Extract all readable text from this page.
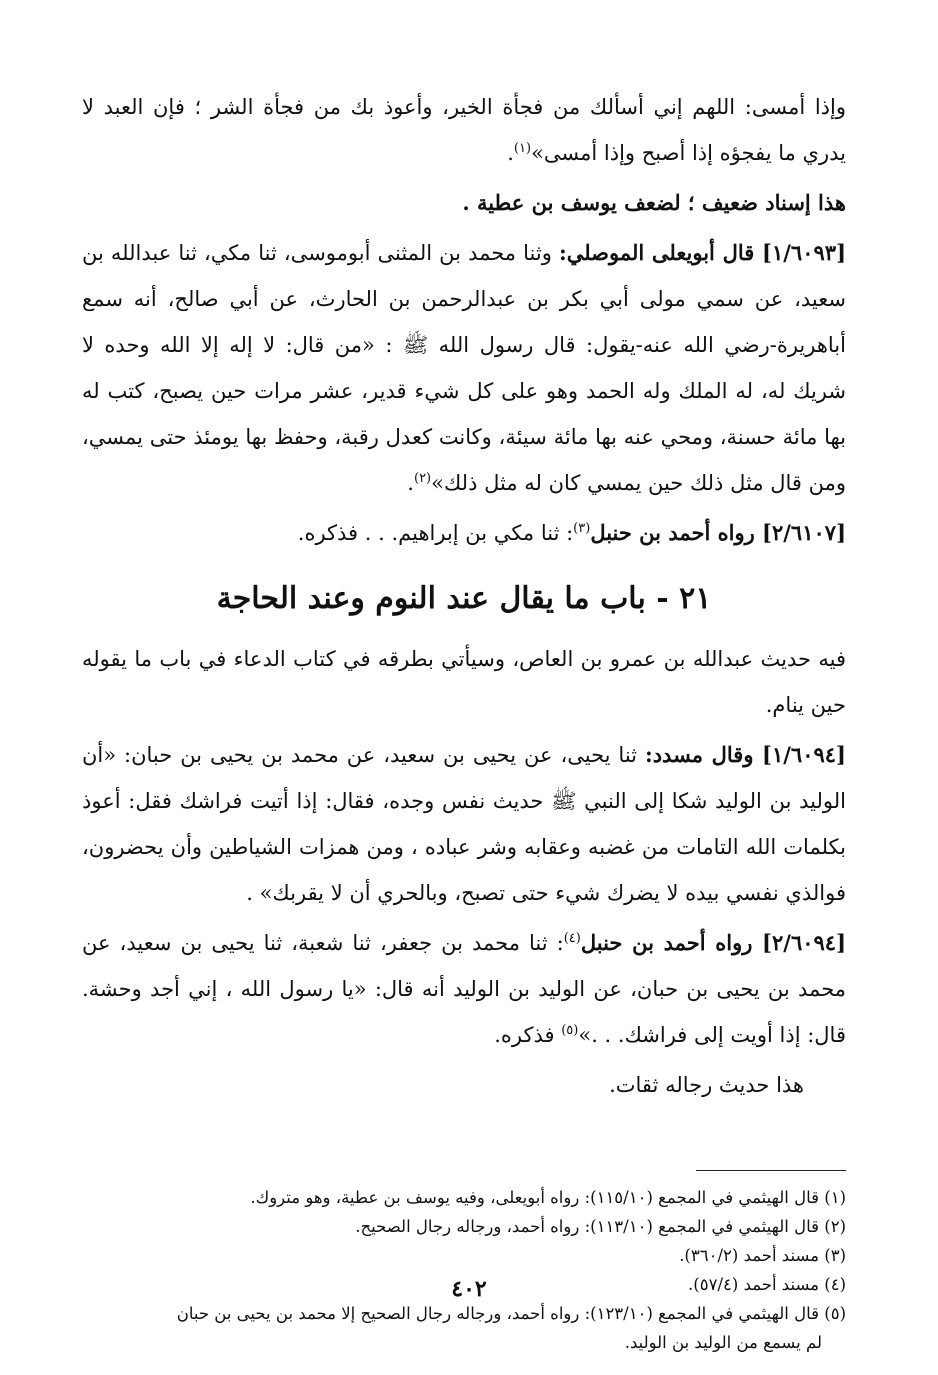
وإذا أمسى: اللهم إني أسألك من فجأة الخير، وأعوذ بك من فجأة الشر ؛ فإن العبد لا يدري ما يفجؤه إذا أصبح وإذا أمسى»$^{(١)}$.

هذا إسناد ضعيف ؛ لضعف يوسف بن عطية .

[١/٦٠٩٣] قال أبويعلى الموصلي: وثنا محمد بن المثنى أبوموسى، ثنا مكي، ثنا عبدالله بن سعيد، عن سمي مولى أبي بكر بن عبدالرحمن بن الحارث، عن أبي صالح، أنه سمع أباهريرة-رضي الله عنه-يقول: قال رسول الله ﷺ : «من قال: لا إله إلا الله وحده لا شريك له، له الملك وله الحمد وهو على كل شيء قدير، عشر مرات حين يصبح، كتب له بها مائة حسنة، ومحي عنه بها مائة سيئة، وكانت كعدل رقبة، وحفظ بها يومئذ حتى يمسي، ومن قال مثل ذلك حين يمسي كان له مثل ذلك»$^{(٢)}$.

[٢/٦١٠٧] رواه أحمد بن حنبل$^{(٣)}$: ثنا مكي بن إبراهيم. . . فذكره.

٢١ - باب ما يقال عند النوم وعند الحاجة

فيه حديث عبدالله بن عمرو بن العاص، وسيأتي بطرقه في كتاب الدعاء في باب ما يقوله حين ينام.

[١/٦٠٩٤] وقال مسدد: ثنا يحيى، عن يحيى بن سعيد، عن محمد بن يحيى بن حبان: «أن الوليد بن الوليد شكا إلى النبي ﷺ حديث نفس وجده، فقال: إذا أتيت فراشك فقل: أعوذ بكلمات الله التامات من غضبه وعقابه وشر عباده ، ومن همزات الشياطين وأن يحضرون، فوالذي نفسي بيده لا يضرك شيء حتى تصبح، وبالحري أن لا يقربك» .

[٢/٦٠٩٤] رواه أحمد بن حنبل$^{(٤)}$: ثنا محمد بن جعفر، ثنا شعبة، ثنا يحيى بن سعيد، عن محمد بن يحيى بن حبان، عن الوليد بن الوليد أنه قال: «يا رسول الله ، إني أجد وحشة. قال: إذا أويت إلى فراشك. . .»$^{(٥)}$ فذكره.

هذا حديث رجاله ثقات.

(١) قال الهيثمي في المجمع (١١٥/١٠): رواه أبويعلى، وفيه يوسف بن عطية، وهو متروك.

(٢) قال الهيثمي في المجمع (١١٣/١٠): رواه أحمد، ورجاله رجال الصحيح.

(٣) مسند أحمد (٣٦٠/٢).

(٤) مسند أحمد (٥٧/٤).

(٥) قال الهيثمي في المجمع (١٢٣/١٠): رواه أحمد، ورجاله رجال الصحيح إلا محمد بن يحيى بن حبان

لم يسمع من الوليد بن الوليد.

٤٠٢
